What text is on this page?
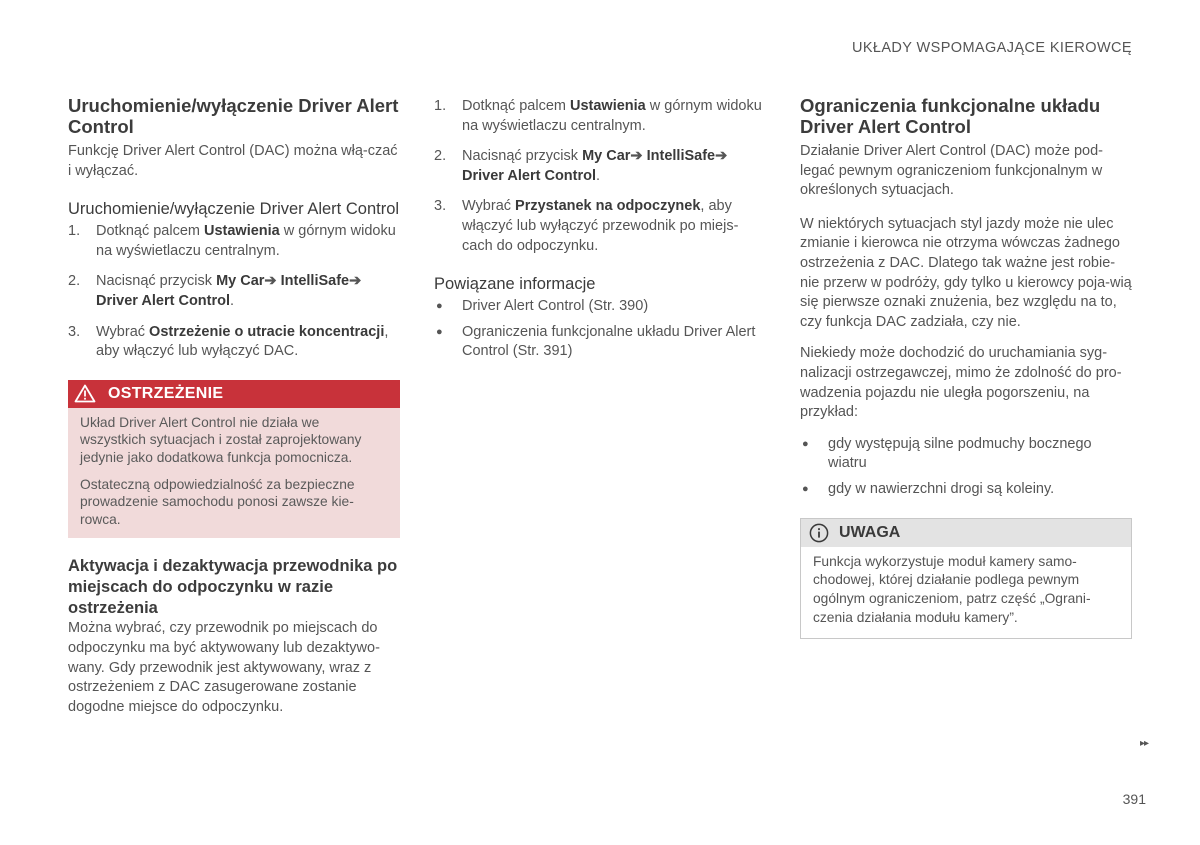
UKŁADY WSPOMAGAJĄCE KIEROWCĘ
Uruchomienie/wyłączenie Driver Alert Control

Funkcję Driver Alert Control (DAC) można włą-czać i wyłączać.

Uruchomienie/wyłączenie Driver Alert Control
1. Dotknąć palcem Ustawienia w górnym widoku na wyświetlaczu centralnym.
2. Nacisnąć przycisk My Car➔ IntelliSafe➔ Driver Alert Control.
3. Wybrać Ostrzeżenie o utracie koncentracji, aby włączyć lub wyłączyć DAC.
OSTRZEŻENIE

Układ Driver Alert Control nie działa we wszystkich sytuacjach i został zaprojektowany jedynie jako dodatkowa funkcja pomocnicza.

Ostateczną odpowiedzialność za bezpieczne prowadzenie samochodu ponosi zawsze kie-rowca.

Aktywacja i dezaktywacja przewodnika po miejscach do odpoczynku w razie ostrzeżenia

Można wybrać, czy przewodnik po miejscach do odpoczynku ma być aktywowany lub dezaktywo-wany. Gdy przewodnik jest aktywowany, wraz z ostrzeżeniem z DAC zasugerowane zostanie dogodne miejsce do odpoczynku.

1. Dotknąć palcem Ustawienia w górnym widoku na wyświetlaczu centralnym.
2. Nacisnąć przycisk My Car➔ IntelliSafe➔ Driver Alert Control.
3. Wybrać Przystanek na odpoczynek, aby włączyć lub wyłączyć przewodnik po miejs-cach do odpoczynku.
Powiązane informacje
● Driver Alert Control (Str. 390)
● Ograniczenia funkcjonalne układu Driver Alert Control (Str. 391)
Ograniczenia funkcjonalne układu Driver Alert Control

Działanie Driver Alert Control (DAC) może pod-legać pewnym ograniczeniom funkcjonalnym w określonych sytuacjach.

W niektórych sytuacjach styl jazdy może nie ulec zmianie i kierowca nie otrzyma wówczas żadnego ostrzeżenia z DAC. Dlatego tak ważne jest robie-nie przerw w podróży, gdy tylko u kierowcy poja-wią się pierwsze oznaki znużenia, bez względu na to, czy funkcja DAC zadziała, czy nie.

Niekiedy może dochodzić do uruchamiania syg-nalizacji ostrzegawczej, mimo że zdolność do pro-wadzenia pojazdu nie uległa pogorszeniu, na przykład:

● gdy występują silne podmuchy bocznego wiatru
● gdy w nawierzchni drogi są koleiny.
UWAGA

Funkcja wykorzystuje moduł kamery samo-chodowej, której działanie podlega pewnym ogólnym ograniczeniom, patrz część „Ograni-czenia działania modułu kamery”.

▸▸
391
